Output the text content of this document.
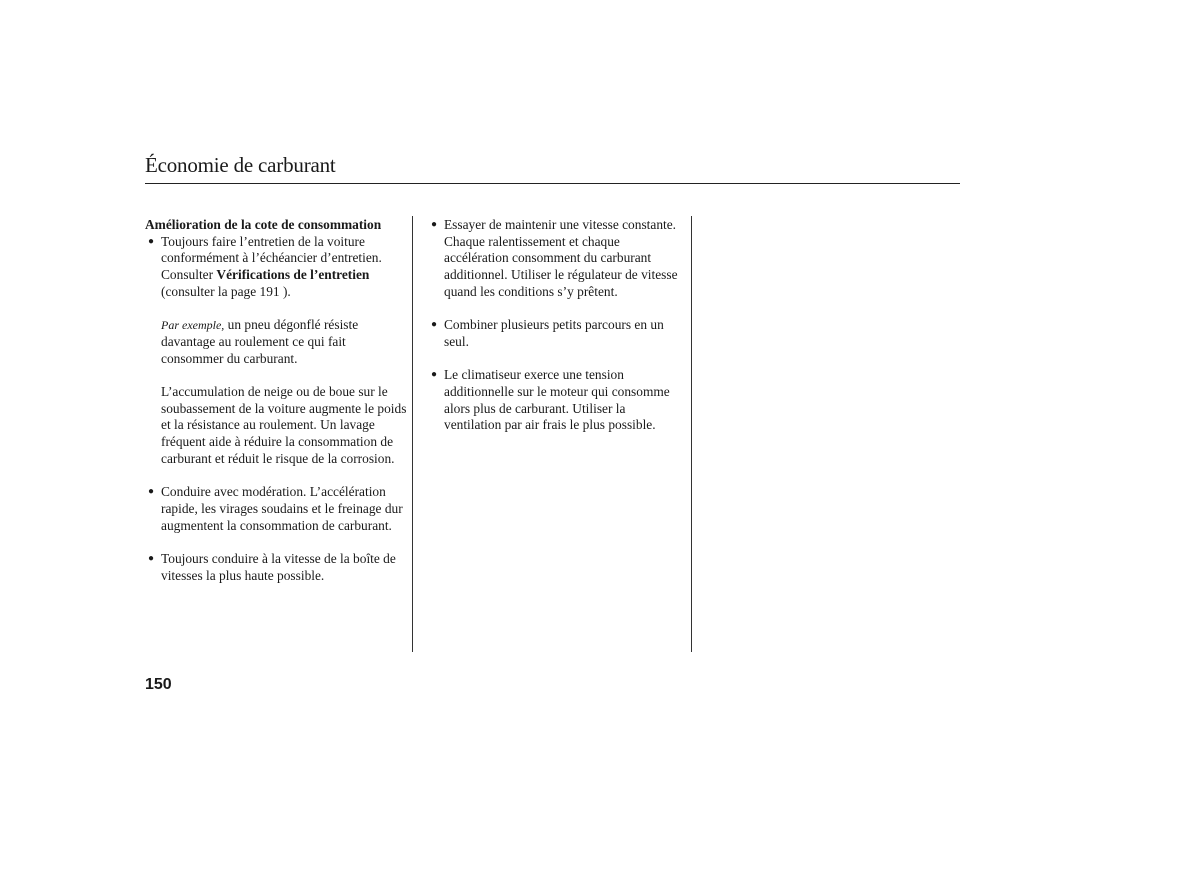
Économie de carburant

Amélioration de la cote de consommation

● Toujours faire l’entretien de la voiture conformément à l’échéancier d’entretien. Consulter Vérifications de l’entretien (consulter la page 191 ).
Par exemple, un pneu dégonflé résiste davantage au roulement ce qui fait consommer du carburant.
L’accumulation de neige ou de boue sur le soubassement de la voiture augmente le poids et la résistance au roulement. Un lavage fréquent aide à réduire la consommation de carburant et réduit le risque de la corrosion.
● Conduire avec modération. L’accélération rapide, les virages soudains et le freinage dur augmentent la consommation de carburant.
● Toujours conduire à la vitesse de la boîte de vitesses la plus haute possible.
● Essayer de maintenir une vitesse constante. Chaque ralentissement et chaque accélération consomment du carburant additionnel. Utiliser le régulateur de vitesse quand les conditions s’y prêtent.
● Combiner plusieurs petits parcours en un seul.
● Le climatiseur exerce une tension additionnelle sur le moteur qui consomme alors plus de carburant. Utiliser la ventilation par air frais le plus possible.
150
